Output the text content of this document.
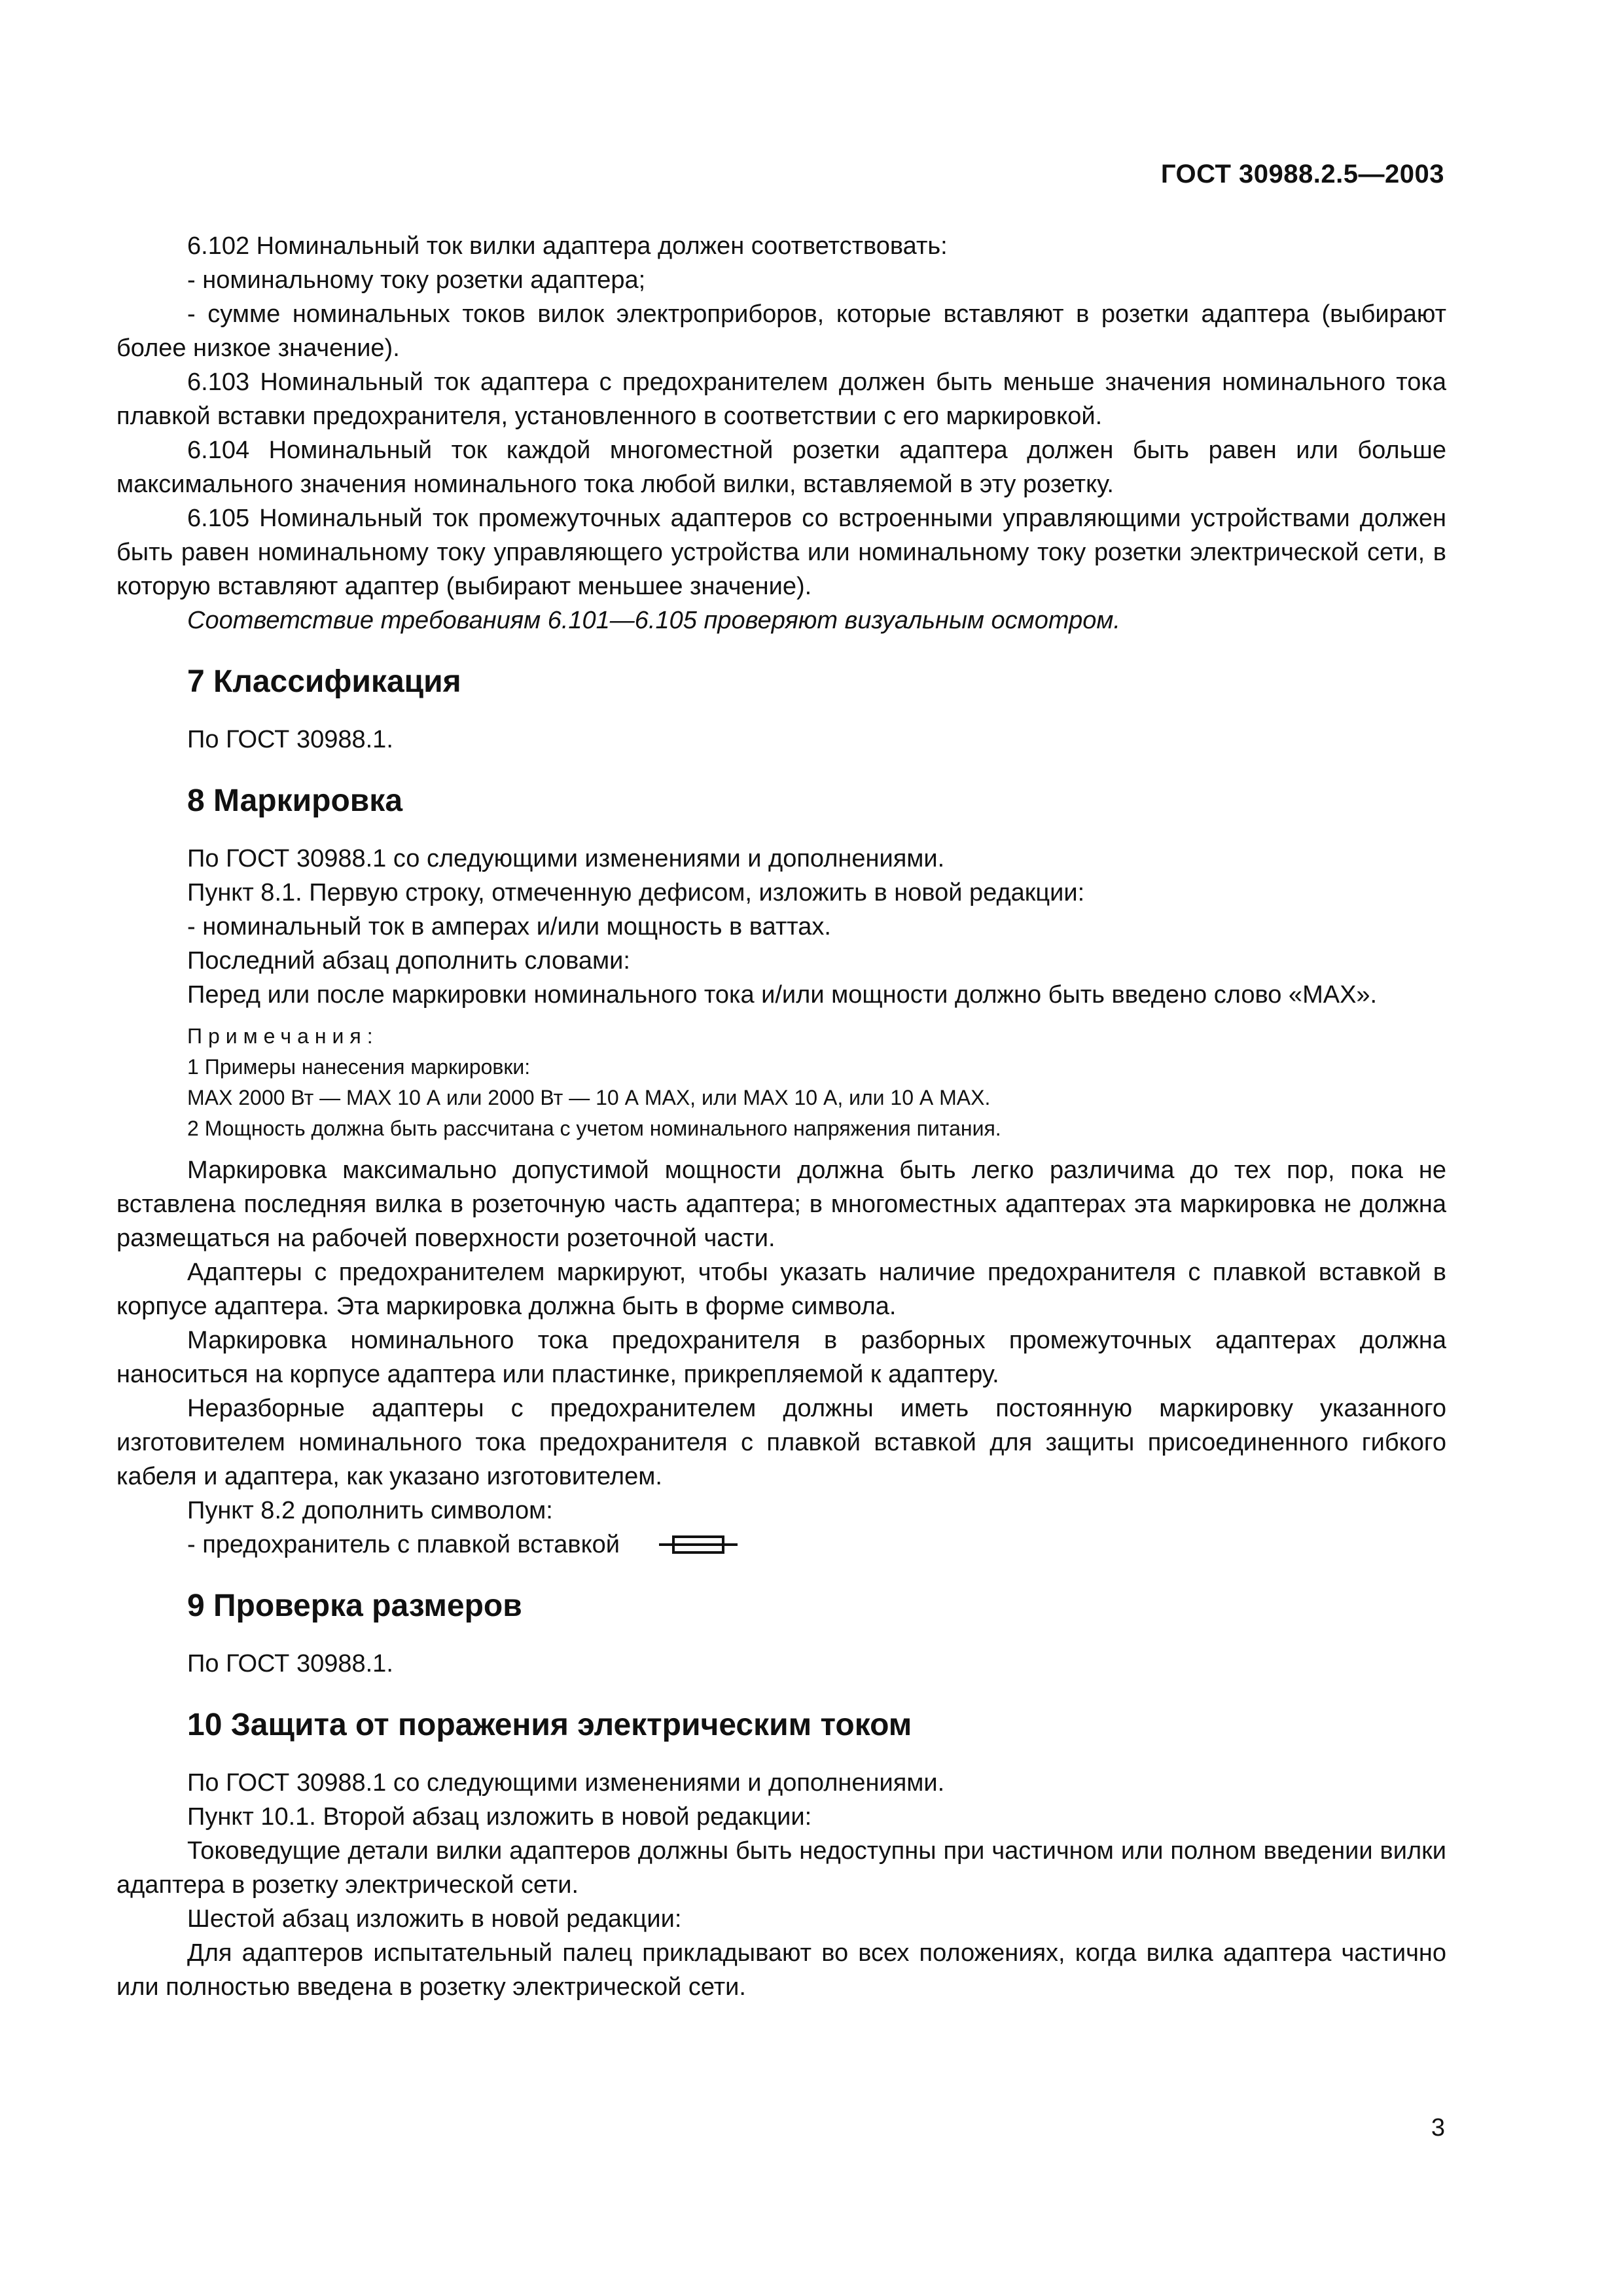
ГОСТ 30988.2.5—2003

6.102 Номинальный ток вилки адаптера должен соответствовать:

- номинальному току розетки адаптера;

- сумме номинальных токов вилок электроприборов, которые вставляют в розетки адаптера (выбирают более низкое значение).

6.103 Номинальный ток адаптера с предохранителем должен быть меньше значения номинального тока плавкой вставки предохранителя, установленного в соответствии с его маркировкой.

6.104 Номинальный ток каждой многоместной розетки адаптера должен быть равен или больше максимального значения номинального тока любой вилки, вставляемой в эту розетку.

6.105 Номинальный ток промежуточных адаптеров со встроенными управляющими устройствами должен быть равен номинальному току управляющего устройства или номинальному току розетки электрической сети, в которую вставляют адаптер (выбирают меньшее значение).

Соответствие требованиям 6.101—6.105 проверяют визуальным осмотром.

7 Классификация

По ГОСТ 30988.1.

8 Маркировка

По ГОСТ 30988.1 со следующими изменениями и дополнениями.

Пункт 8.1. Первую строку, отмеченную дефисом, изложить в новой редакции:

- номинальный ток в амперах и/или мощность в ваттах.

Последний абзац дополнить словами:

Перед или после маркировки номинального тока и/или мощности должно быть введено слово «MAX».

Примечания:

1 Примеры нанесения маркировки:

MAX 2000 Вт — MAX 10 А или 2000 Вт — 10 А MAX, или MAX 10 А, или 10 А MAX.

2 Мощность должна быть рассчитана с учетом номинального напряжения питания.

Маркировка максимально допустимой мощности должна быть легко различима до тех пор, пока не вставлена последняя вилка в розеточную часть адаптера; в многоместных адаптерах эта маркировка не должна размещаться на рабочей поверхности розеточной части.

Адаптеры с предохранителем маркируют, чтобы указать наличие предохранителя с плавкой вставкой в корпусе адаптера. Эта маркировка должна быть в форме символа.

Маркировка номинального тока предохранителя в разборных промежуточных адаптерах должна наноситься на корпусе адаптера или пластинке, прикрепляемой к адаптеру.

Неразборные адаптеры с предохранителем должны иметь постоянную маркировку указанного изготовителем номинального тока предохранителя с плавкой вставкой для защиты присоединенного гибкого кабеля и адаптера, как указано изготовителем.

Пункт 8.2 дополнить символом:

- предохранитель с плавкой вставкой
9 Проверка размеров

По ГОСТ 30988.1.

10 Защита от поражения электрическим током

По ГОСТ 30988.1 со следующими изменениями и дополнениями.

Пункт 10.1. Второй абзац изложить в новой редакции:

Токоведущие детали вилки адаптеров должны быть недоступны при частичном или полном введении вилки адаптера в розетку электрической сети.

Шестой абзац изложить в новой редакции:

Для адаптеров испытательный палец прикладывают во всех положениях, когда вилка адаптера частично или полностью введена в розетку электрической сети.

3
